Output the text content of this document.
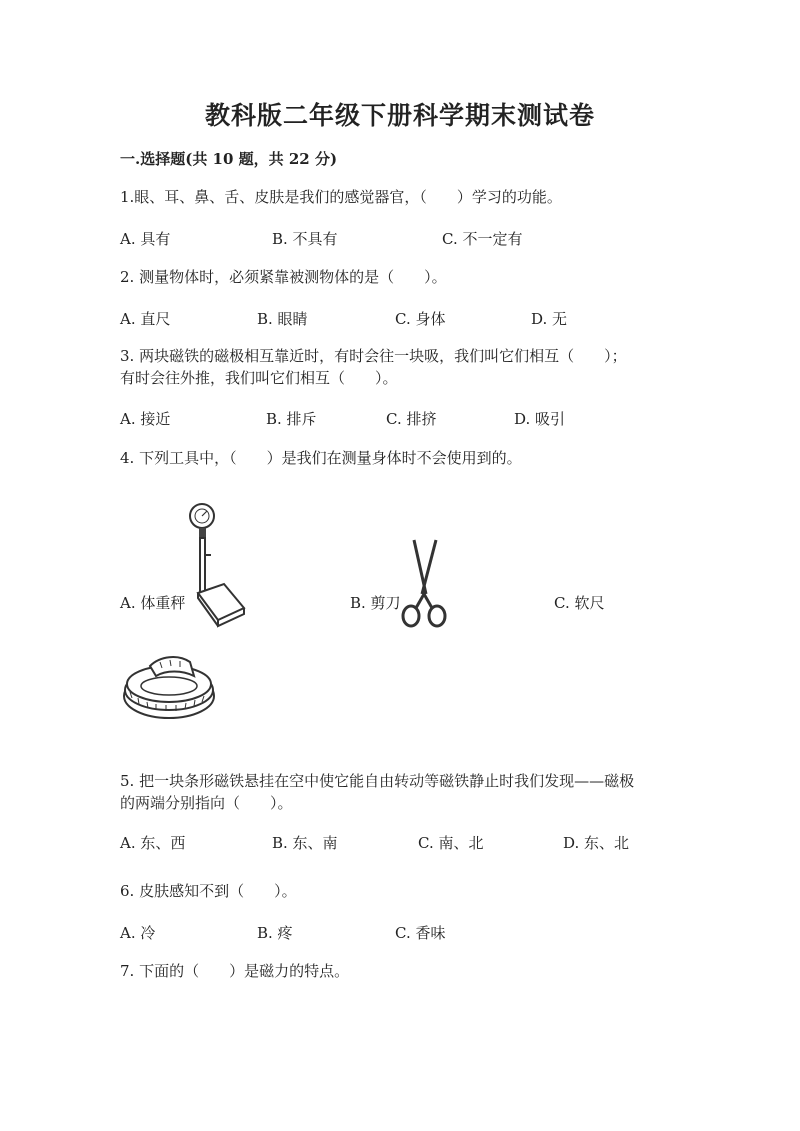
教科版二年级下册科学期末测试卷
一.选择题(共 10 题，共 22 分)
1.眼、耳、鼻、舌、皮肤是我们的感觉器官，（　　）学习的功能。
A. 具有	B. 不具有	C. 不一定有
2. 测量物体时，必须紧靠被测物体的是（　　）。
A. 直尺	B. 眼睛	C. 身体	D. 无
3. 两块磁铁的磁极相互靠近时，有时会往一块吸，我们叫它们相互（　　）；
有时会往外推，我们叫它们相互（　　）。
A. 接近	B. 排斥	C. 排挤	D. 吸引
4. 下列工具中，（　　）是我们在测量身体时不会使用到的。
A. 体重秤	B. 剪刀	C. 软尺
5. 把一块条形磁铁悬挂在空中使它能自由转动等磁铁静止时我们发现——磁极
的两端分别指向（　　）。
A. 东、西	B. 东、南	C. 南、北	D. 东、北
6. 皮肤感知不到（　　）。
A. 冷	B. 疼	C. 香味
7. 下面的（　　）是磁力的特点。
